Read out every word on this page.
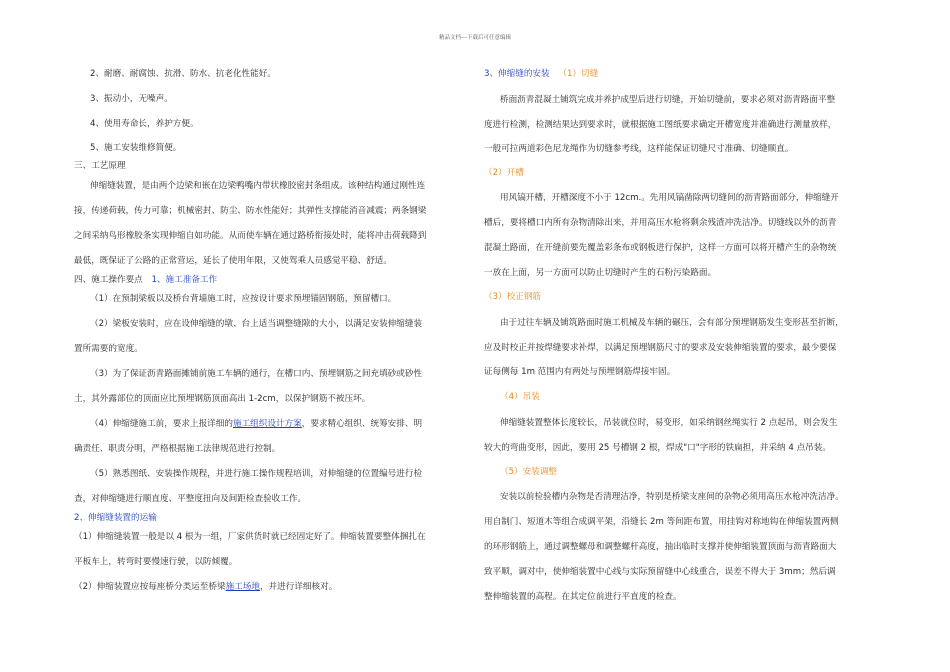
精品文档---下载后可任意编辑
2、耐磨、耐腐蚀、抗滑、防水、抗老化性能好。
3、振动小，无噪声。
4、使用寿命长，养护方便。
5、施工安装维修简便。
三、工艺原理
伸缩缝装置，是由两个边梁和嵌在边梁鸭嘴内带状橡胶密封条组成。该种结构通过刚性连
接，传递荷载，传力可靠；机械密封、防尘、防水性能好；其弹性支撑能消音减震；两条钢梁
之间采纳鸟形橡胶条实现伸缩自如功能。从而使车辆在通过路桥衔接处时，能将冲击荷载降到
最低，既保证了公路的正常营运，延长了使用年限，又使驾乘人员感觉平稳、舒适。
四、施工操作要点 1、施工准备工作
（1）在预制梁板以及桥台背墙施工时，应按设计要求预埋锚固钢筋，预留槽口。
（2）梁板安装时，应在设伸缩缝的墩、台上适当调整缝隙的大小，以满足安装伸缩缝装
置所需要的宽度。
（3）为了保证沥青路面摊铺前施工车辆的通行，在槽口内、预埋钢筋之间充填砂或砂性
土，其外露部位的顶面应比预埋钢筋顶面高出 1-2cm，以保护钢筋不被压坏。
（4）伸缩缝施工前，要求上报详细的施工组织设计方案，要求精心组织、统筹安排、明
确责任、职责分明，严格根据施工法律规范进行控制。
（5）熟悉图纸、安装操作规程，并进行施工操作规程培训，对伸缩缝的位置编号进行检
查，对伸缩缝进行顺直度、平整度扭向及间距检查验收工作。
2、伸缩缝装置的运输
（1）伸缩缝装置一般是以 4 根为一组，厂家供货时就已经固定好了。伸缩装置要整体捆扎在
平板车上，转弯时要慢速行驶，以防倾覆。
（2）伸缩装置应按每座桥分类运至桥梁施工场地，并进行详细核对。
3、伸缩缝的安装 （1）切缝
桥面沥青混凝土铺筑完成并养护成型后进行切缝，开始切缝前，要求必须对沥青路面平整
度进行检测，检测结果达到要求时，就根据施工图纸要求确定开槽宽度并准确进行测量放样，
一般可拉两道彩色尼龙绳作为切缝参考线，这样能保证切缝尺寸准确、切缝顺直。
（2）开槽
用风镐开槽，开槽深度不小于 12cm.。先用风镐凿除两切缝间的沥青路面部分，伸缩缝开
槽后，要将槽口内所有杂物清除出来，并用高压水枪将剩余残渣冲洗洁净。切缝线以外的沥青
混凝土路面，在开缝前要先覆盖彩条布或钢板进行保护，这样一方面可以将开槽产生的杂物统
一放在上面，另一方面可以防止切缝时产生的石粉污染路面。
（3）校正钢筋
由于过往车辆及铺筑路面时施工机械及车辆的碾压，会有部分预埋钢筋发生变形甚至折断，
应及时校正并按焊缝要求补焊，以满足预埋钢筋尺寸的要求及安装伸缩装置的要求，最少要保
证每侧每 1m 范围内有两处与预埋钢筋焊接牢固。
（4）吊装
伸缩缝装置整体长度较长，吊装就位时，易变形，如采纳钢丝绳实行 2 点起吊，则会发生
较大的弯曲变形，因此，要用 25 号槽钢 2 根，焊成"口"字形的铁扁担，并采纳 4 点吊装。
（5）安装调整
安装以前检验槽内杂物是否清理洁净，特别是桥梁支座间的杂物必须用高压水枪冲洗洁净。
用自制门、短道木等组合成调平架，沿缝长 2m 等间距布置，用挂钩对称地钩在伸缩装置两侧
的环形钢筋上，通过调整螺母和调整螺杆高度，抽出临时支撑并使伸缩装置顶面与沥青路面大
致平顺，调对中，使伸缩装置中心线与实际预留缝中心线重合，误差不得大于 3mm；然后调
整伸缩装置的高程。在其定位前进行平直度的检查。
